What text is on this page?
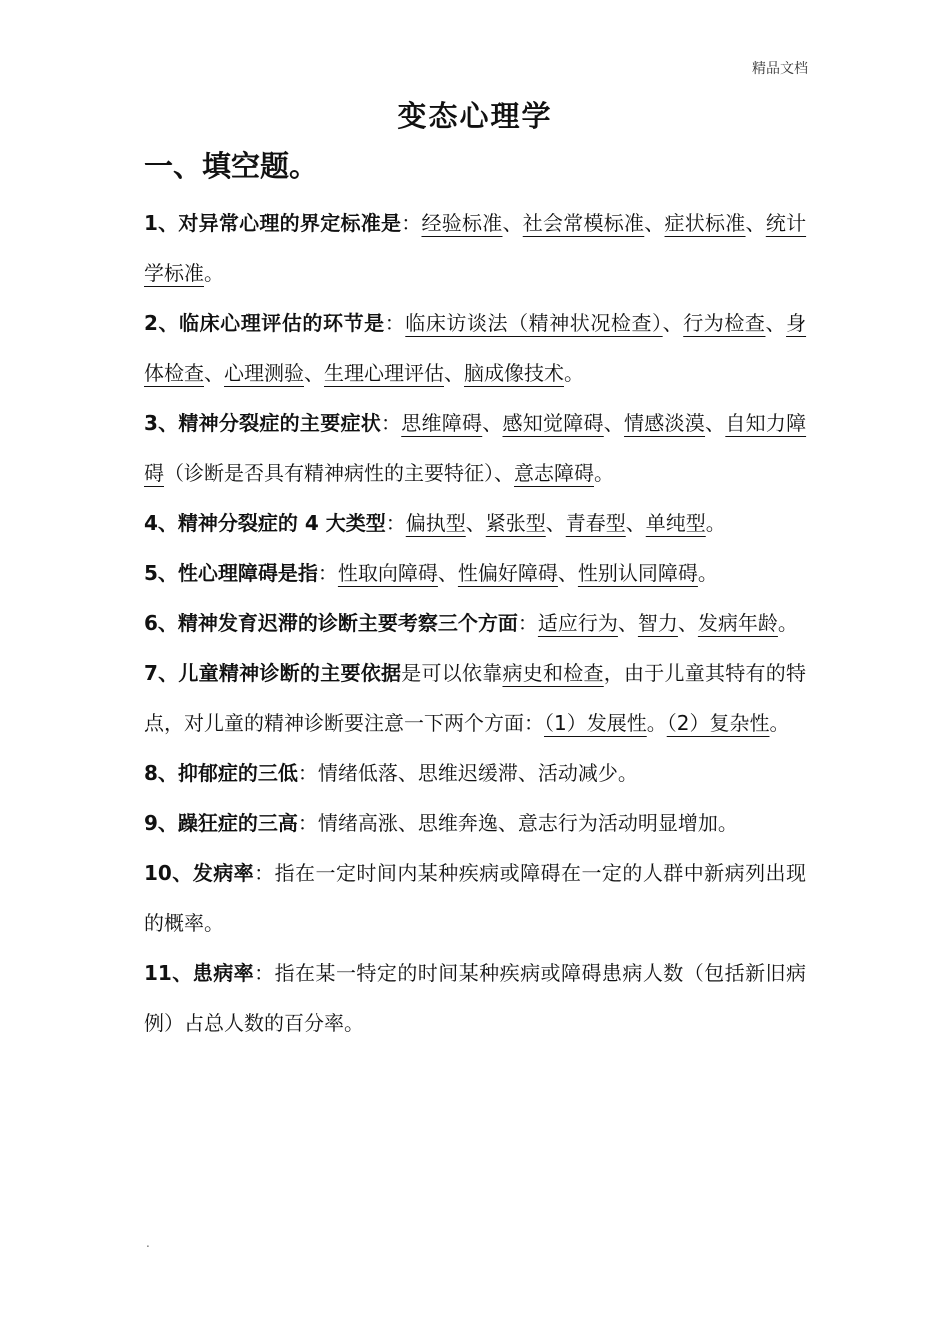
精品文档
变态心理学
一、填空题。
1、对异常心理的界定标准是：经验标准、社会常模标准、症状标准、统计学标准。
2、临床心理评估的环节是：临床访谈法（精神状况检查）、行为检查、身体检查、心理测验、生理心理评估、脑成像技术。
3、精神分裂症的主要症状：思维障碍、感知觉障碍、情感淡漠、自知力障碍（诊断是否具有精神病性的主要特征）、意志障碍。
4、精神分裂症的 4 大类型：偏执型、紧张型、青春型、单纯型。
5、性心理障碍是指：性取向障碍、性偏好障碍、性别认同障碍。
6、精神发育迟滞的诊断主要考察三个方面：适应行为、智力、发病年龄。
7、儿童精神诊断的主要依据是可以依靠病史和检查，由于儿童其特有的特点，对儿童的精神诊断要注意一下两个方面：（1）发展性。（2）复杂性。
8、抑郁症的三低：情绪低落、思维迟缓滞、活动减少。
9、躁狂症的三高：情绪高涨、思维奔逸、意志行为活动明显增加。
10、发病率：指在一定时间内某种疾病或障碍在一定的人群中新病列出现的概率。
11、患病率：指在某一特定的时间某种疾病或障碍患病人数（包括新旧病例）占总人数的百分率。
.
